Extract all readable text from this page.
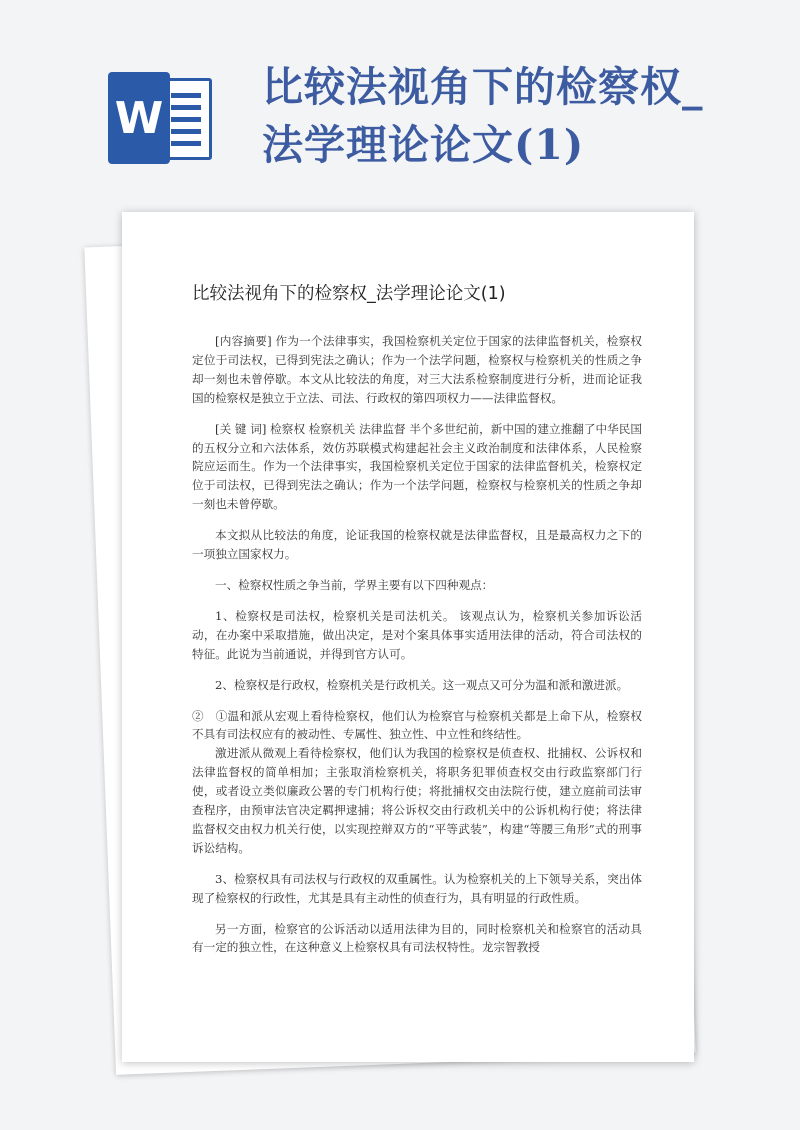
W
比较法视角下的检察权_法学理论论文(1)
比较法视角下的检察权_法学理论论文(1)

[内容摘要] 作为一个法律事实，我国检察机关定位于国家的法律监督机关，检察权定位于司法权，已得到宪法之确认；作为一个法学问题，检察权与检察机关的性质之争却一刻也未曾停歇。本文从比较法的角度，对三大法系检察制度进行分析，进而论证我国的检察权是独立于立法、司法、行政权的第四项权力——法律监督权。

[关 键 词] 检察权 检察机关 法律监督 半个多世纪前，新中国的建立推翻了中华民国的五权分立和六法体系，效仿苏联模式构建起社会主义政治制度和法律体系，人民检察院应运而生。作为一个法律事实，我国检察机关定位于国家的法律监督机关，检察权定位于司法权，已得到宪法之确认；作为一个法学问题，检察权与检察机关的性质之争却一刻也未曾停歇。

本文拟从比较法的角度，论证我国的检察权就是法律监督权，且是最高权力之下的一项独立国家权力。

一、检察权性质之争当前，学界主要有以下四种观点：

1、检察权是司法权，检察机关是司法机关。 该观点认为，检察机关参加诉讼活动，在办案中采取措施，做出决定，是对个案具体事实适用法律的活动，符合司法权的特征。此说为当前通说，并得到官方认可。

2、检察权是行政权，检察机关是行政机关。这一观点又可分为温和派和激进派。

②　①温和派从宏观上看待检察权，他们认为检察官与检察机关都是上命下从，检察权不具有司法权应有的被动性、专属性、独立性、中立性和终结性。

激进派从微观上看待检察权，他们认为我国的检察权是侦查权、批捕权、公诉权和法律监督权的简单相加；主张取消检察机关，将职务犯罪侦查权交由行政监察部门行使，或者设立类似廉政公署的专门机构行使；将批捕权交由法院行使，建立庭前司法审查程序，由预审法官决定羁押逮捕；将公诉权交由行政机关中的公诉机构行使；将法律监督权交由权力机关行使，以实现控辩双方的“平等武装”，构建“等腰三角形”式的刑事诉讼结构。

3、检察权具有司法权与行政权的双重属性。认为检察机关的上下领导关系，突出体现了检察权的行政性，尤其是具有主动性的侦查行为，具有明显的行政性质。

另一方面，检察官的公诉活动以适用法律为目的，同时检察机关和检察官的活动具有一定的独立性，在这种意义上检察权具有司法权特性。龙宗智教授
